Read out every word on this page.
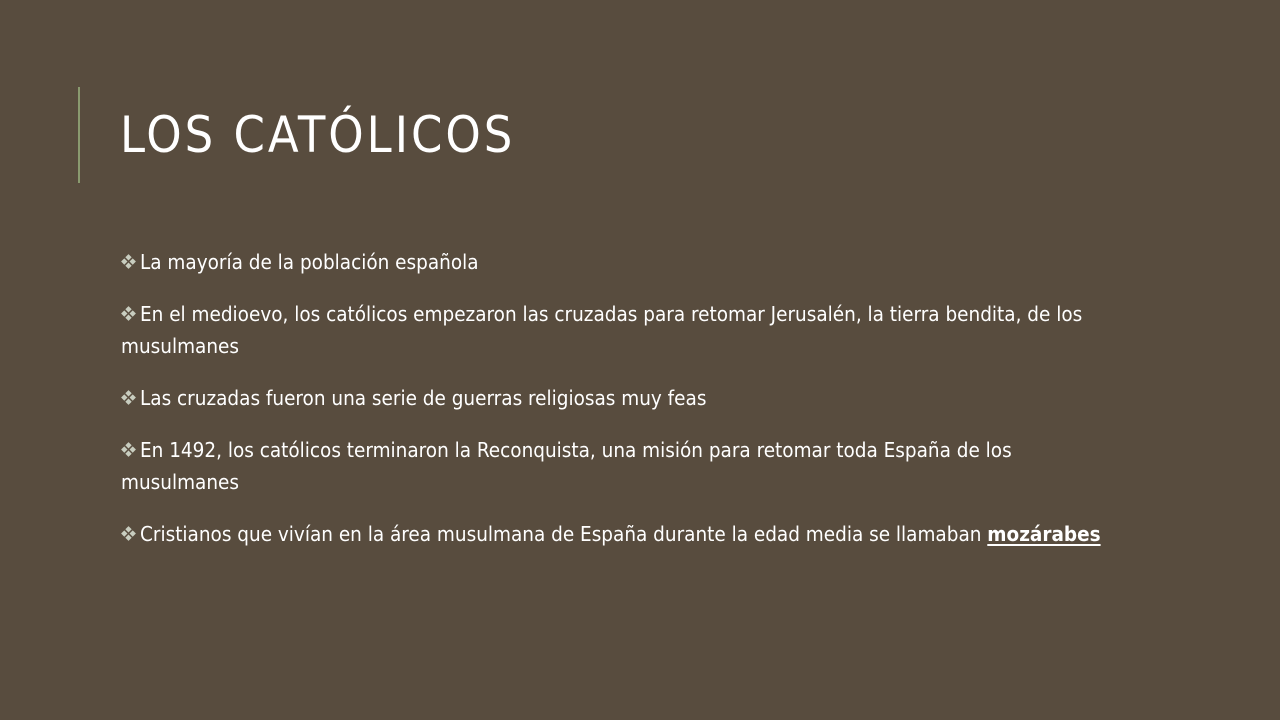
LOS CATÓLICOS
La mayoría de la población española
En el medioevo, los católicos empezaron las cruzadas para retomar Jerusalén, la tierra bendita, de los musulmanes
Las cruzadas fueron una serie de guerras religiosas muy feas
En 1492, los católicos terminaron la Reconquista, una misión para retomar toda España de los musulmanes
Cristianos que vivían en la área musulmana de España durante la edad media se llamaban mozárabes
